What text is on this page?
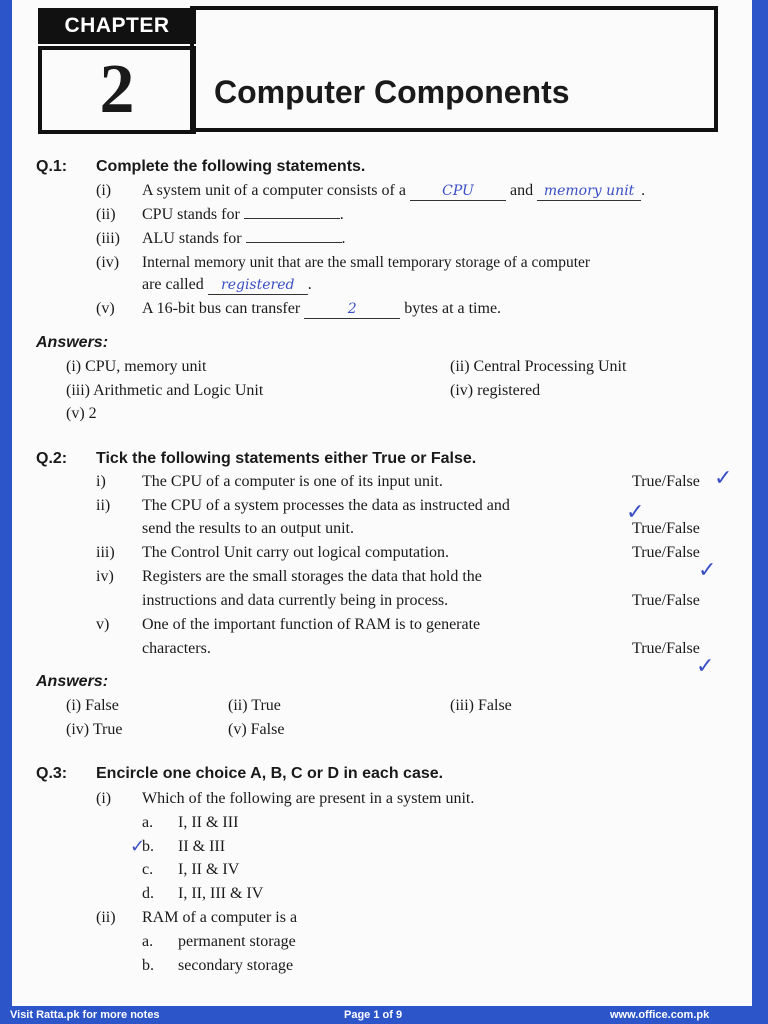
CHAPTER
2	Computer Components
Q.1: Complete the following statements.
(i) A system unit of a computer consists of a	CPU and memory unit .
(ii) CPU stands for	.
(iii) ALU stands for	.
(iv) Internal memory unit that are the small temporary storage of a computer
are called registered .
(v) A 16-bit bus can transfer	2	bytes at a time.
Answers:
(i) CPU, memory unit	(ii) Central Processing Unit
(iii) Arithmetic and Logic Unit	(iv) registered
(v) 2
Q.2: Tick the following statements either True or False.
i) The CPU of a computer is one of its input unit.	True/False ✓
ii) The CPU of a system processes the data as instructed and
send the results to an output unit.	True/False
✓
iii) The Control Unit carry out logical computation.	True/False
✓
iv) Registers are the small storages the data that hold the
instructions and data currently being in process.	True/False
v) One of the important function of RAM is to generate
characters.	True/False
✓
Answers:
(i) False	(ii) True	(iii) False
(iv) True	(v) False
Q.3: Encircle one choice A, B, C or D in each case.
(i) Which of the following are present in a system unit.
a. I, II & III
b. II & III
✓
c. I, II & IV
d. I, II, III & IV
(ii) RAM of a computer is a
a. permanent storage
b. secondary storage
Visit Ratta.pk for more notes	Page 1 of 9	www.office.com.pk
